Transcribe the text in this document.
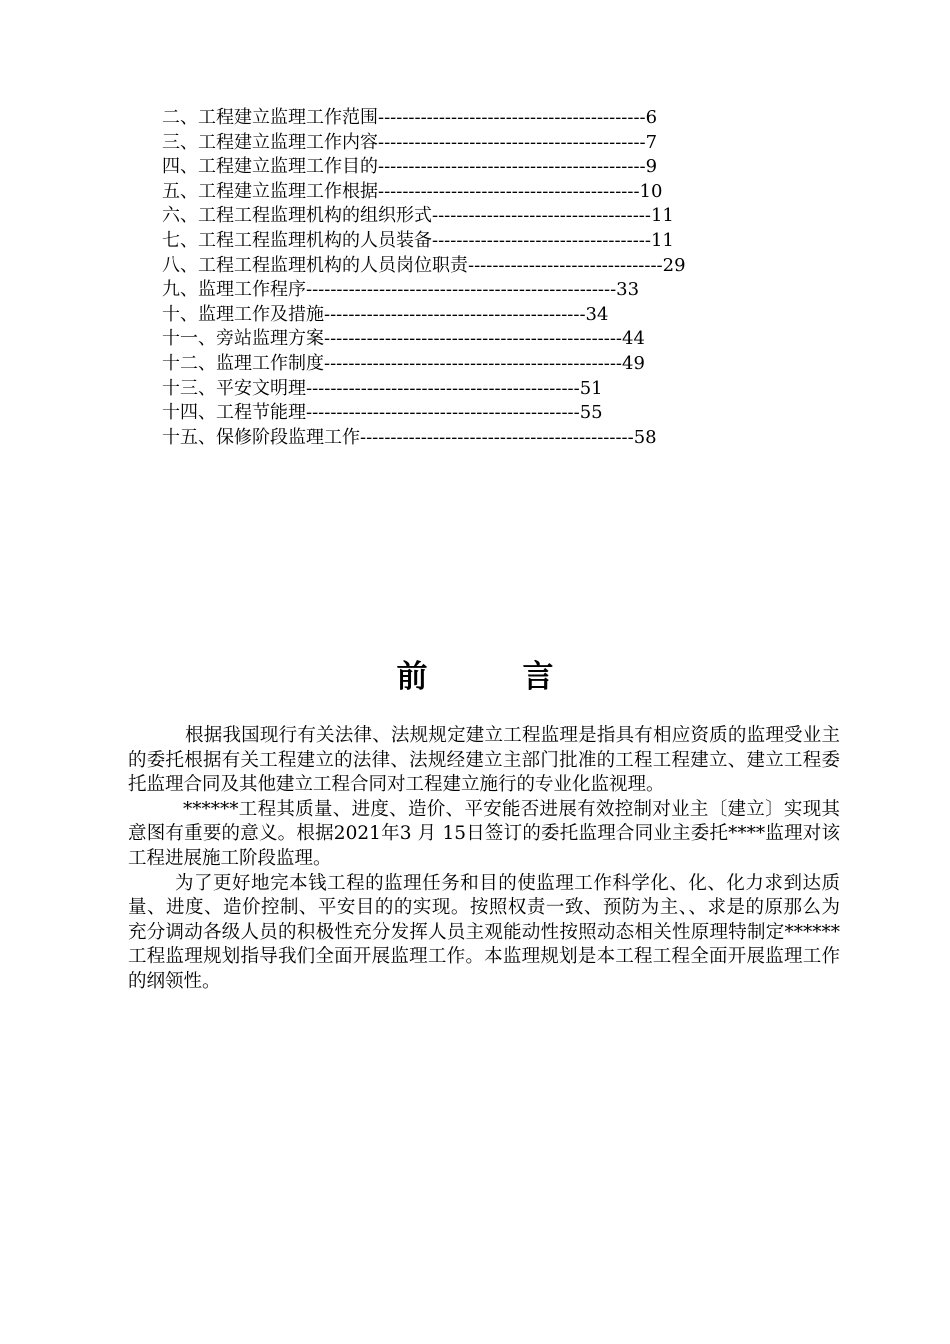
二、工程建立监理工作范围--------------------------------------------6
三、工程建立监理工作内容--------------------------------------------7
四、工程建立监理工作目的--------------------------------------------9
五、工程建立监理工作根据-------------------------------------------10
六、工程工程监理机构的组织形式------------------------------------11
七、工程工程监理机构的人员装备------------------------------------11
八、工程工程监理机构的人员岗位职责--------------------------------29
九、监理工作程序---------------------------------------------------33
十、监理工作及措施-------------------------------------------34
十一、旁站监理方案-------------------------------------------------44
十二、监理工作制度-------------------------------------------------49
十三、平安文明理---------------------------------------------51
十四、工程节能理---------------------------------------------55
十五、保修阶段监理工作---------------------------------------------58
前	言

根据我国现行有关法律、法规规定建立工程监理是指具有相应资质的监理受业主的委托根据有关工程建立的法律、法规经建立主部门批准的工程工程建立、建立工程委托监理合同及其他建立工程合同对工程建立施行的专业化监视理。

******工程其质量、进度、造价、平安能否进展有效控制对业主〔建立〕实现其意图有重要的意义。根据2021年3 月 15日签订的委托监理合同业主委托****监理对该工程进展施工阶段监理。

为了更好地完本钱工程的监理任务和目的使监理工作科学化、化、化力求到达质量、进度、造价控制、平安目的的实现。按照权责一致、预防为主、、求是的原那么为充分调动各级人员的积极性充分发挥人员主观能动性按照动态相关性原理特制定******工程监理规划指导我们全面开展监理工作。本监理规划是本工程工程全面开展监理工作的纲领性。
